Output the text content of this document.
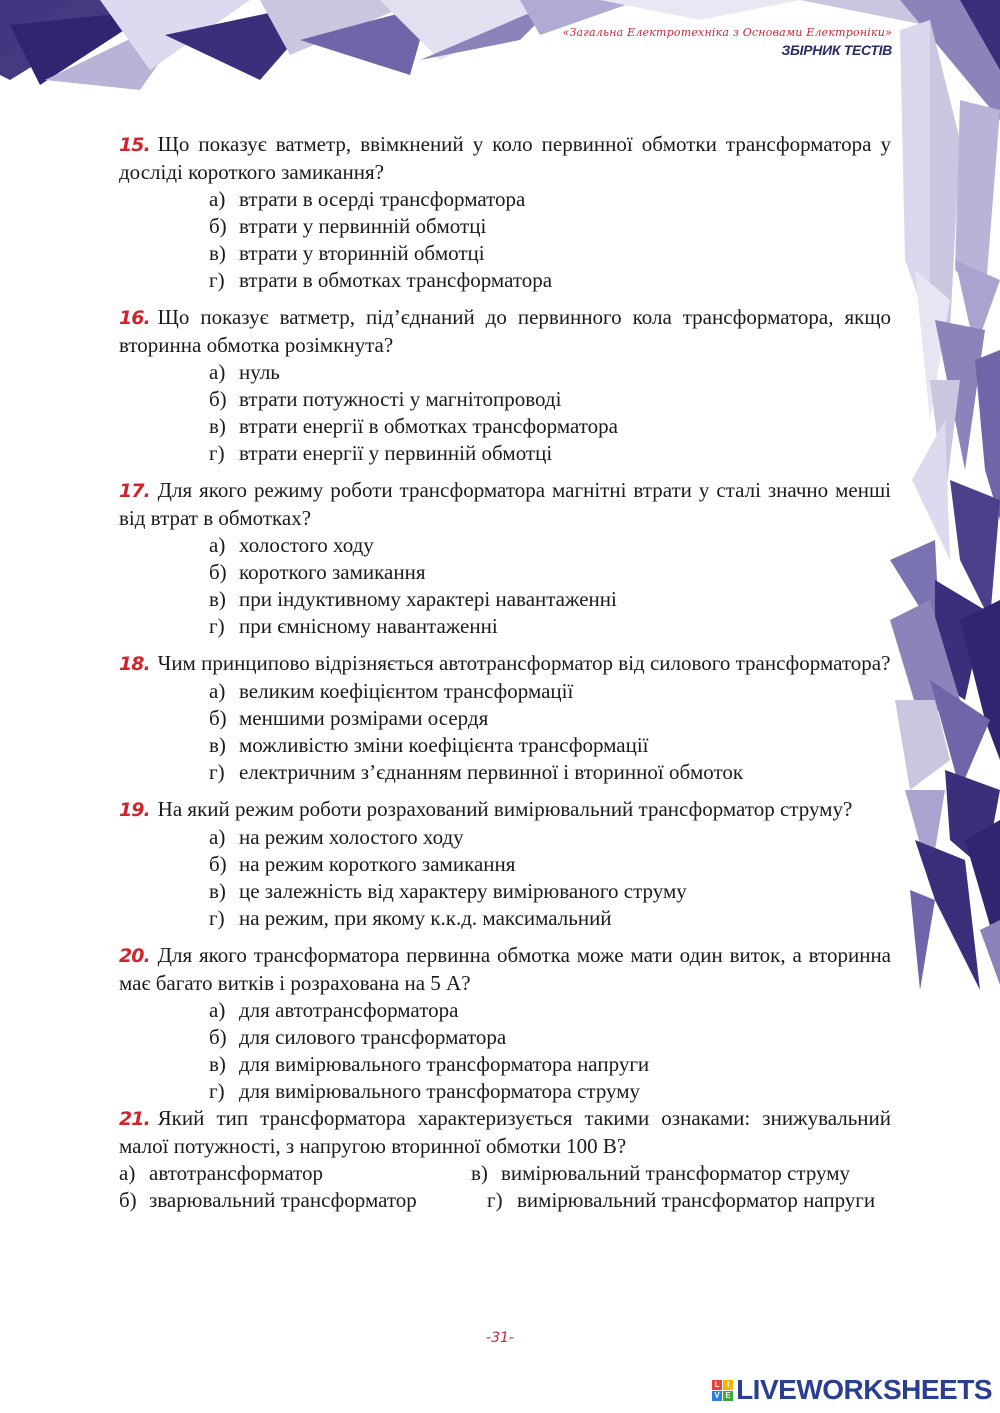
«Загальна Електротехніка з Основами Електроніки»
ЗБІРНИК ТЕСТІВ
15. Що показує ватметр, ввімкнений у коло первинної обмотки трансформатора у досліді короткого замикання?
а) втрати в осерді трансформатора
б) втрати у первинній обмотці
в) втрати у вторинній обмотці
г) втрати в обмотках трансформатора
16. Що показує ватметр, під’єднаний до первинного кола трансформатора, якщо вторинна обмотка розімкнута?
а) нуль
б) втрати потужності у магнітопроводі
в) втрати енергії в обмотках трансформатора
г) втрати енергії у первинній обмотці
17. Для якого режиму роботи трансформатора магнітні втрати у сталі значно менші від втрат в обмотках?
а) холостого ходу
б) короткого замикання
в) при індуктивному характері навантаженні
г) при ємнісному навантаженні
18. Чим принципово відрізняється автотрансформатор від силового трансформатора?
а) великим коефіцієнтом трансформації
б) меншими розмірами осердя
в) можливістю зміни коефіцієнта трансформації
г) електричним з’єднанням первинної і вторинної обмоток
19. На який режим роботи розрахований вимірювальний трансформатор струму?
а) на режим холостого ходу
б) на режим короткого замикання
в) це залежність від характеру вимірюваного струму
г) на режим, при якому к.к.д. максимальний
20. Для якого трансформатора первинна обмотка може мати один виток, а вторинна має багато витків і розрахована на 5 А?
а) для автотрансформатора
б) для силового трансформатора
в) для вимірювального трансформатора напруги
г) для вимірювального трансформатора струму
21. Який тип трансформатора характеризується такими ознаками: знижувальний малої потужності, з напругою вторинної обмотки 100 В?
а) автотрансформатор	в) вимірювальний трансформатор струму
б) зварювальний трансформатор	г) вимірювальний трансформатор напруги
-31-
L I
V E LIVEWORKSHEETS
